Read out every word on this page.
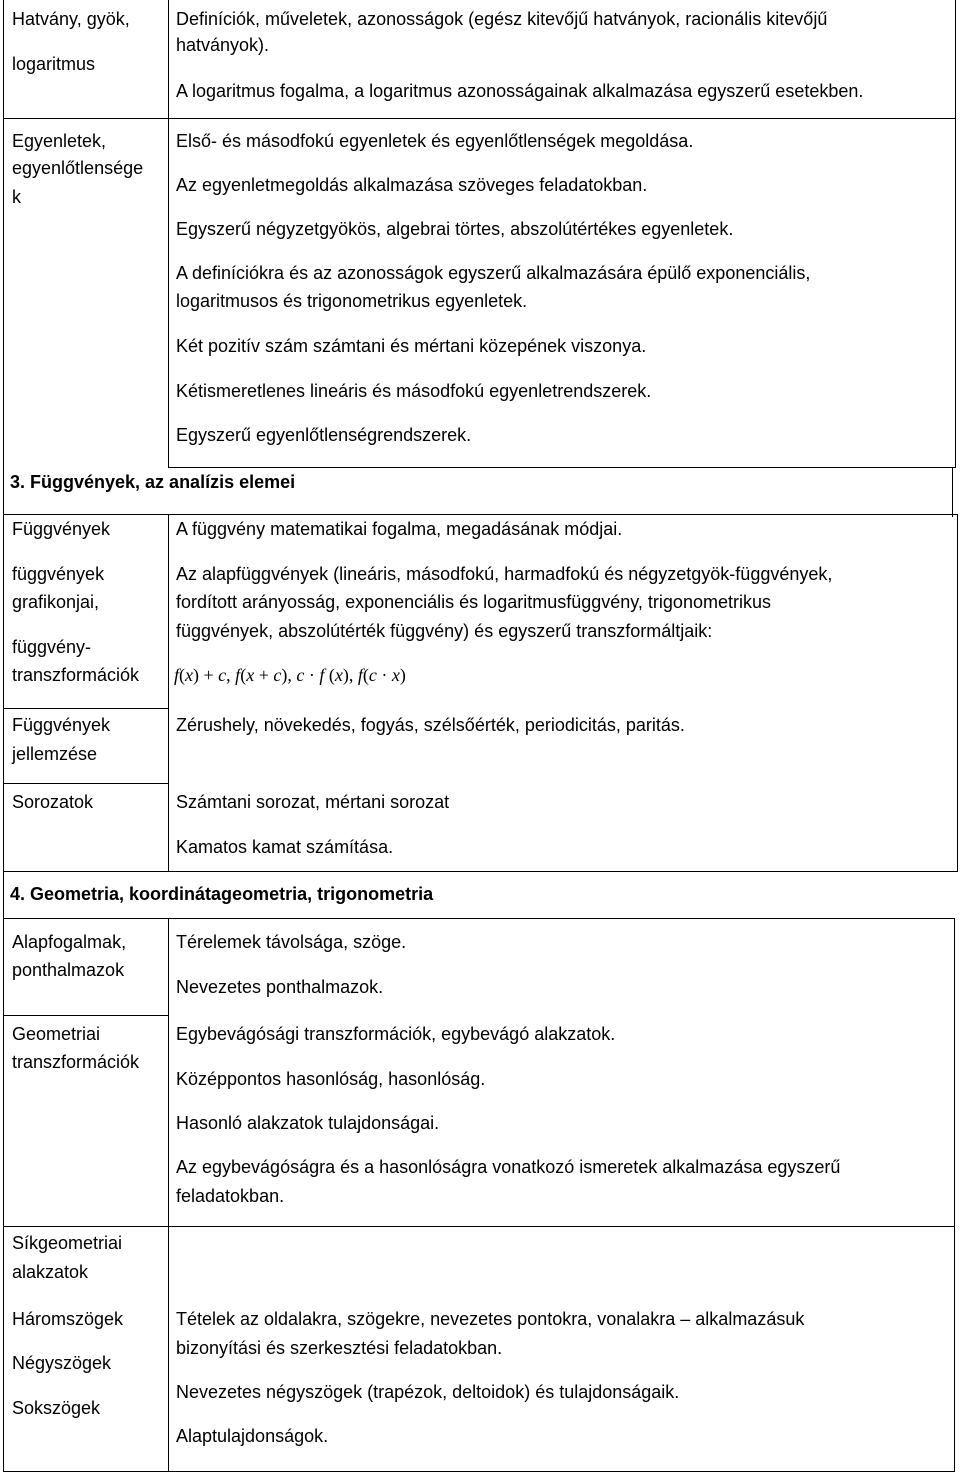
Hatvány, gyök,
logaritmus
Definíciók, műveletek, azonosságok (egész kitevőjű hatványok, racionális kitevőjű
hatványok).
A logaritmus fogalma, a logaritmus azonosságainak alkalmazása egyszerű esetekben.
Egyenletek,
egyenlőtlensége
k
Első- és másodfokú egyenletek és egyenlőtlenségek megoldása.
Az egyenletmegoldás alkalmazása szöveges feladatokban.
Egyszerű négyzetgyökös, algebrai törtes, abszolútértékes egyenletek.
A definíciókra és az azonosságok egyszerű alkalmazására épülő exponenciális,
logaritmusos és trigonometrikus egyenletek.
Két pozitív szám számtani és mértani közepének viszonya.
Kétismeretlenes lineáris és másodfokú egyenletrendszerek.
Egyszerű egyenlőtlenségrendszerek.
3. Függvények, az analízis elemei
Függvények
függvények
grafikonjai,
függvény-
transzformációk
A függvény matematikai fogalma, megadásának módjai.
Az alapfüggvények (lineáris, másodfokú, harmadfokú és négyzetgyök-függvények,
fordított arányosság, exponenciális és logaritmusfüggvény, trigonometrikus
függvények, abszolútérték függvény) és egyszerű transzformáltjaik:
f(x) + c, f(x + c), c · f (x), f(c · x)
Függvények
jellemzése
Zérushely, növekedés, fogyás, szélsőérték, periodicitás, paritás.
Sorozatok	Számtani sorozat, mértani sorozat
Kamatos kamat számítása.
4. Geometria, koordinátageometria, trigonometria
Alapfogalmak,
ponthalmazok
Térelemek távolsága, szöge.
Nevezetes ponthalmazok.
Geometriai
transzformációk
Egybevágósági transzformációk, egybevágó alakzatok.
Középpontos hasonlóság, hasonlóság.
Hasonló alakzatok tulajdonságai.
Az egybevágóságra és a hasonlóságra vonatkozó ismeretek alkalmazása egyszerű
feladatokban.
Síkgeometriai
alakzatok
Háromszögek
Négyszögek
Sokszögek
Tételek az oldalakra, szögekre, nevezetes pontokra, vonalakra – alkalmazásuk
bizonyítási és szerkesztési feladatokban.
Nevezetes négyszögek (trapézok, deltoidok) és tulajdonságaik.
Alaptulajdonságok.
